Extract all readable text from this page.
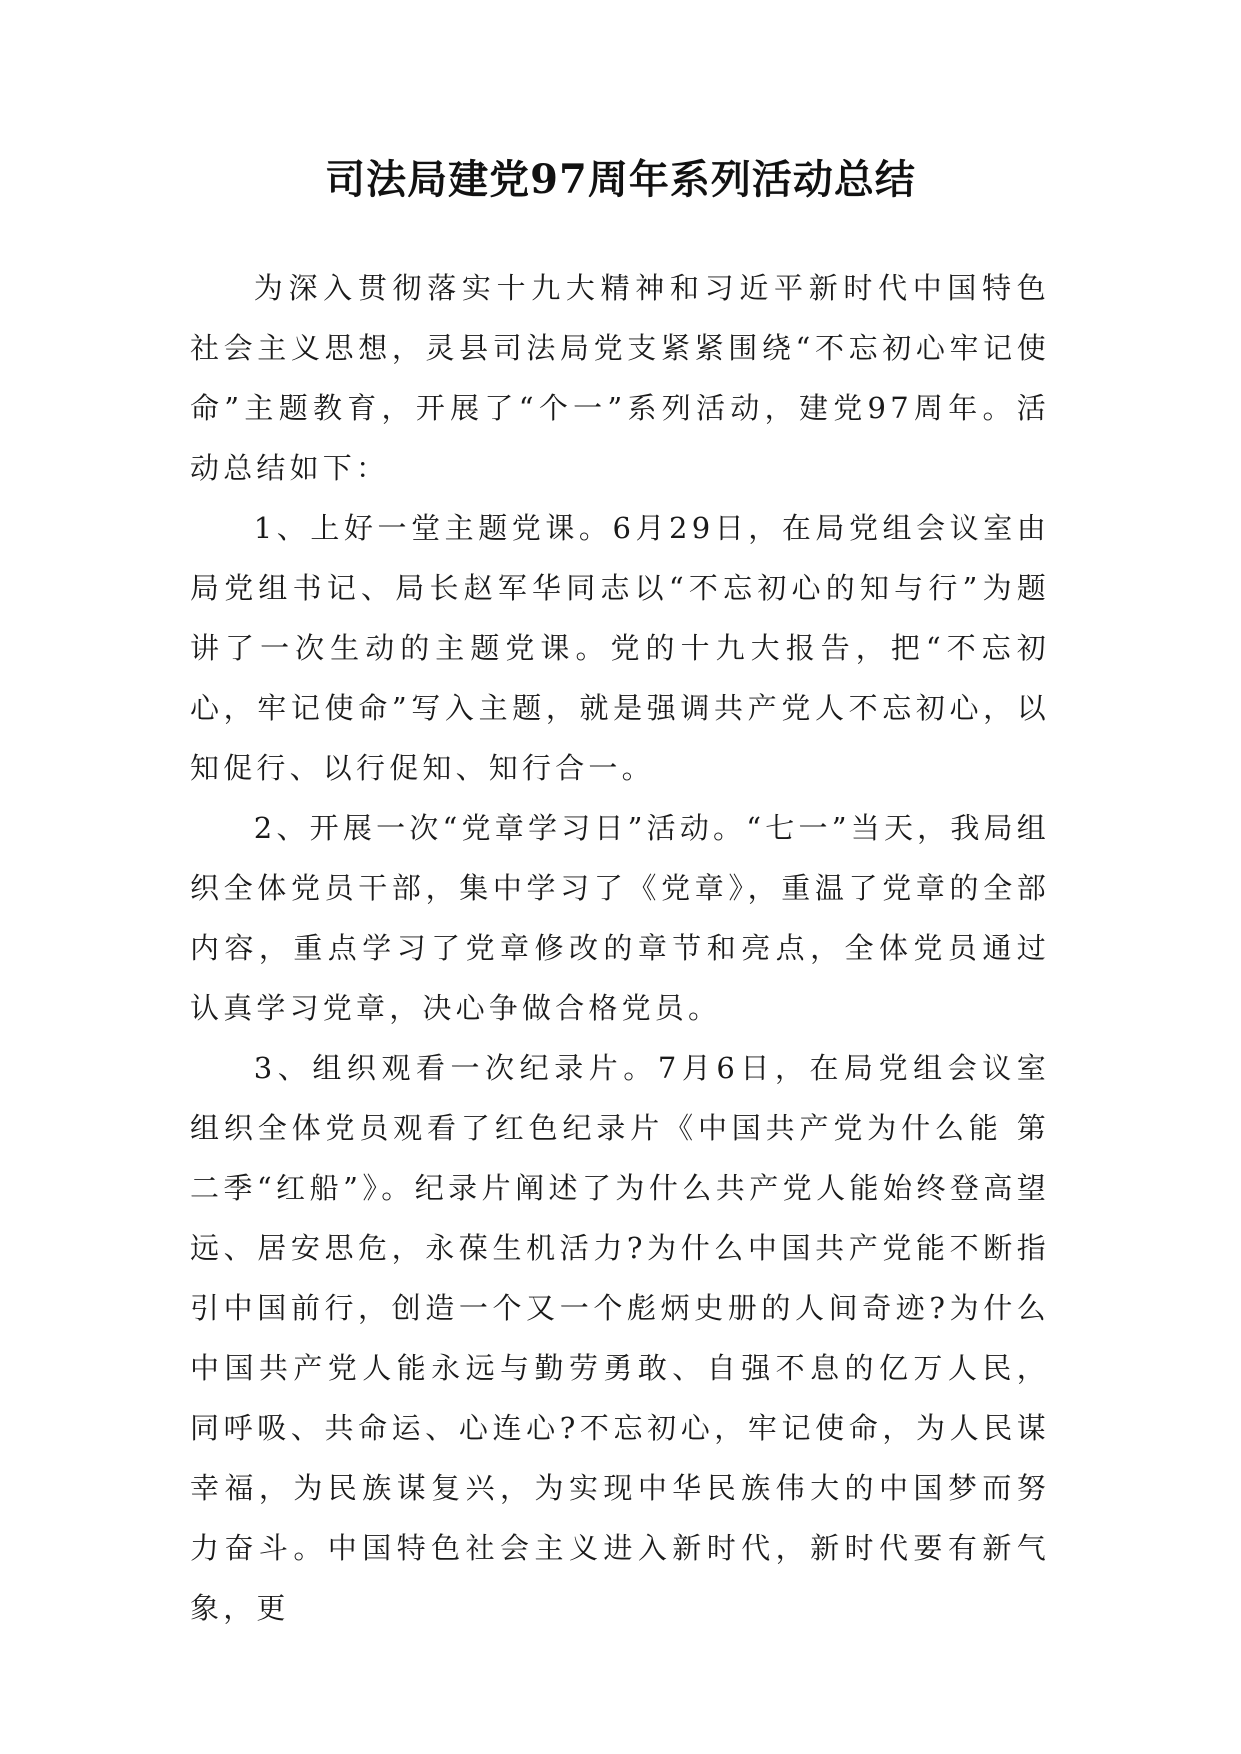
司法局建党97周年系列活动总结

为深入贯彻落实十九大精神和习近平新时代中国特色社会主义思想，灵县司法局党支紧紧围绕“不忘初心牢记使命”主题教育，开展了“个一”系列活动，建党97周年。活动总结如下：

1、上好一堂主题党课。6月29日，在局党组会议室由局党组书记、局长赵军华同志以“不忘初心的知与行”为题讲了一次生动的主题党课。党的十九大报告，把“不忘初心，牢记使命”写入主题，就是强调共产党人不忘初心，以知促行、以行促知、知行合一。

2、开展一次“党章学习日”活动。“七一”当天，我局组织全体党员干部，集中学习了《党章》，重温了党章的全部内容，重点学习了党章修改的章节和亮点，全体党员通过认真学习党章，决心争做合格党员。

3、组织观看一次纪录片。7月6日，在局党组会议室组织全体党员观看了红色纪录片《中国共产党为什么能 第二季“红船”》。纪录片阐述了为什么共产党人能始终登高望远、居安思危，永葆生机活力?为什么中国共产党能不断指引中国前行，创造一个又一个彪炳史册的人间奇迹?为什么中国共产党人能永远与勤劳勇敢、自强不息的亿万人民，同呼吸、共命运、心连心?不忘初心，牢记使命，为人民谋幸福，为民族谋复兴，为实现中华民族伟大的中国梦而努力奋斗。中国特色社会主义进入新时代，新时代要有新气象，更
